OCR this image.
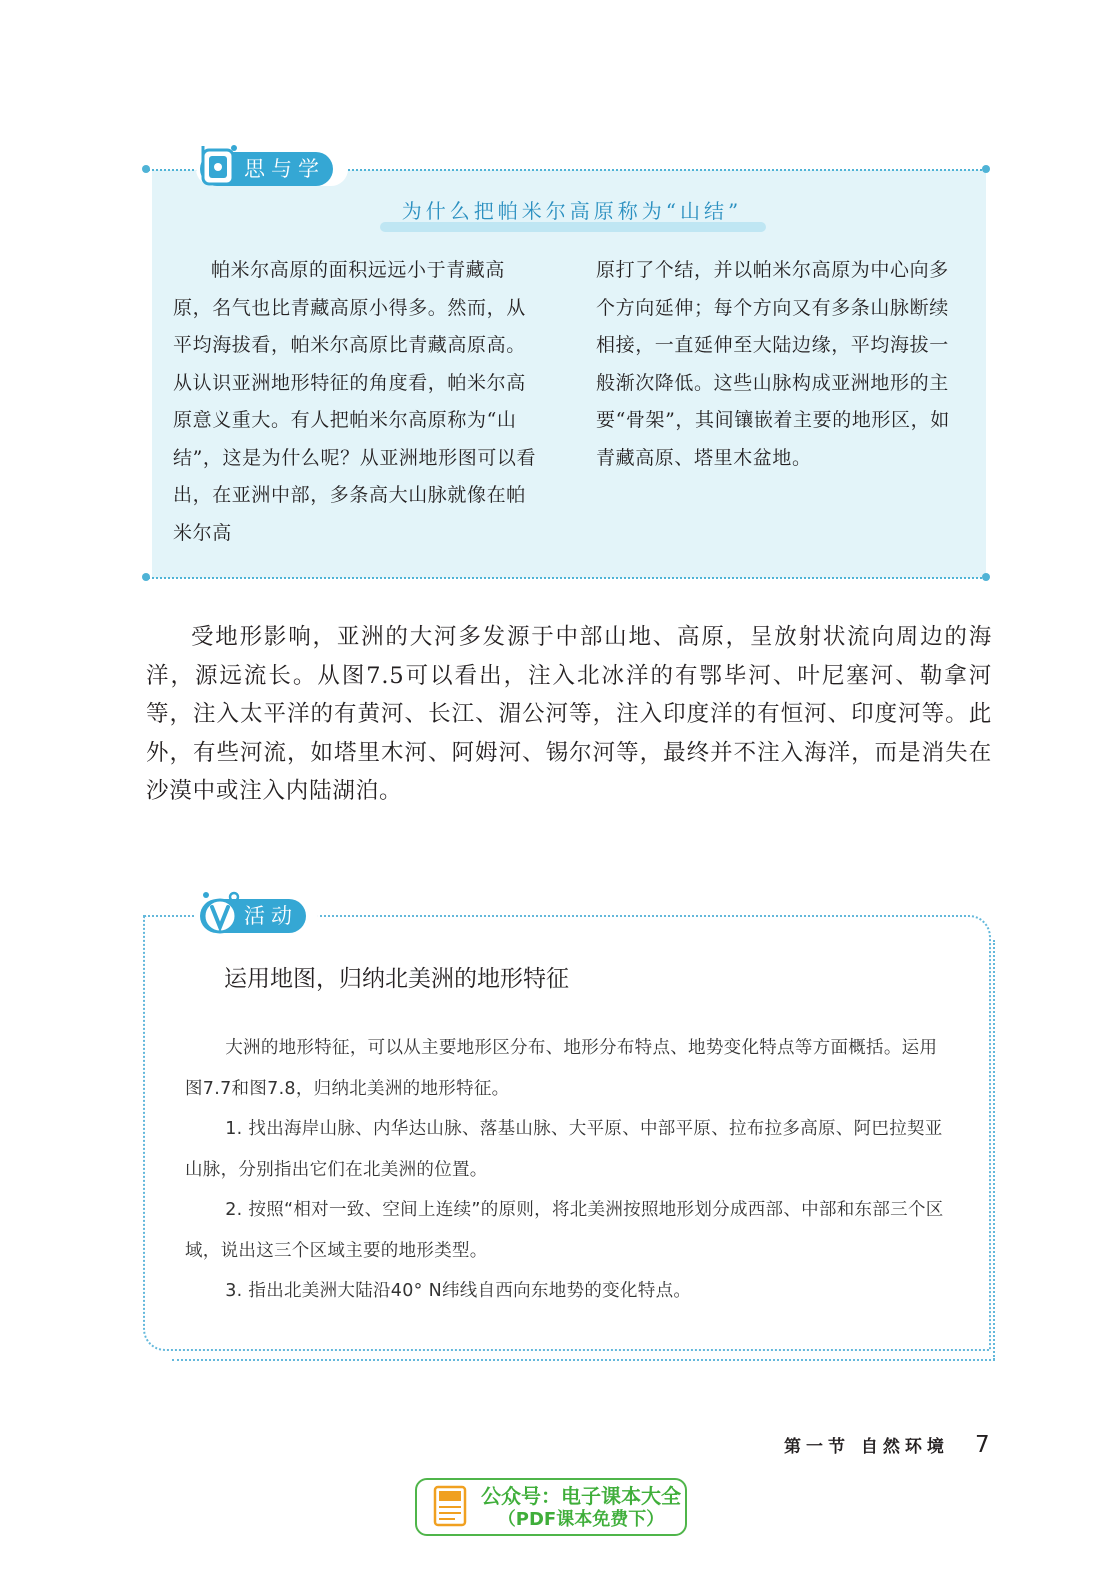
思与学
为什么把帕米尔高原称为“山结”

帕米尔高原的面积远远小于青藏高原，名气也比青藏高原小得多。然而，从平均海拔看，帕米尔高原比青藏高原高。从认识亚洲地形特征的角度看，帕米尔高原意义重大。有人把帕米尔高原称为“山结”，这是为什么呢？从亚洲地形图可以看出，在亚洲中部，多条高大山脉就像在帕米尔高

原打了个结，并以帕米尔高原为中心向多个方向延伸；每个方向又有多条山脉断续相接，一直延伸至大陆边缘，平均海拔一般渐次降低。这些山脉构成亚洲地形的主要“骨架”，其间镶嵌着主要的地形区，如青藏高原、塔里木盆地。

受地形影响，亚洲的大河多发源于中部山地、高原，呈放射状流向周边的海洋，源远流长。从图7.5可以看出，注入北冰洋的有鄂毕河、叶尼塞河、勒拿河等，注入太平洋的有黄河、长江、湄公河等，注入印度洋的有恒河、印度河等。此外，有些河流，如塔里木河、阿姆河、锡尔河等，最终并不注入海洋，而是消失在沙漠中或注入内陆湖泊。

活动
运用地图，归纳北美洲的地形特征

大洲的地形特征，可以从主要地形区分布、地形分布特点、地势变化特点等方面概括。运用图7.7和图7.8，归纳北美洲的地形特征。

1. 找出海岸山脉、内华达山脉、落基山脉、大平原、中部平原、拉布拉多高原、阿巴拉契亚山脉，分别指出它们在北美洲的位置。

2. 按照“相对一致、空间上连续”的原则，将北美洲按照地形划分成西部、中部和东部三个区域，说出这三个区域主要的地形类型。

3. 指出北美洲大陆沿40° N纬线自西向东地势的变化特点。

第一节 自然环境 7
公众号：电子课本大全
（PDF课本免费下）
